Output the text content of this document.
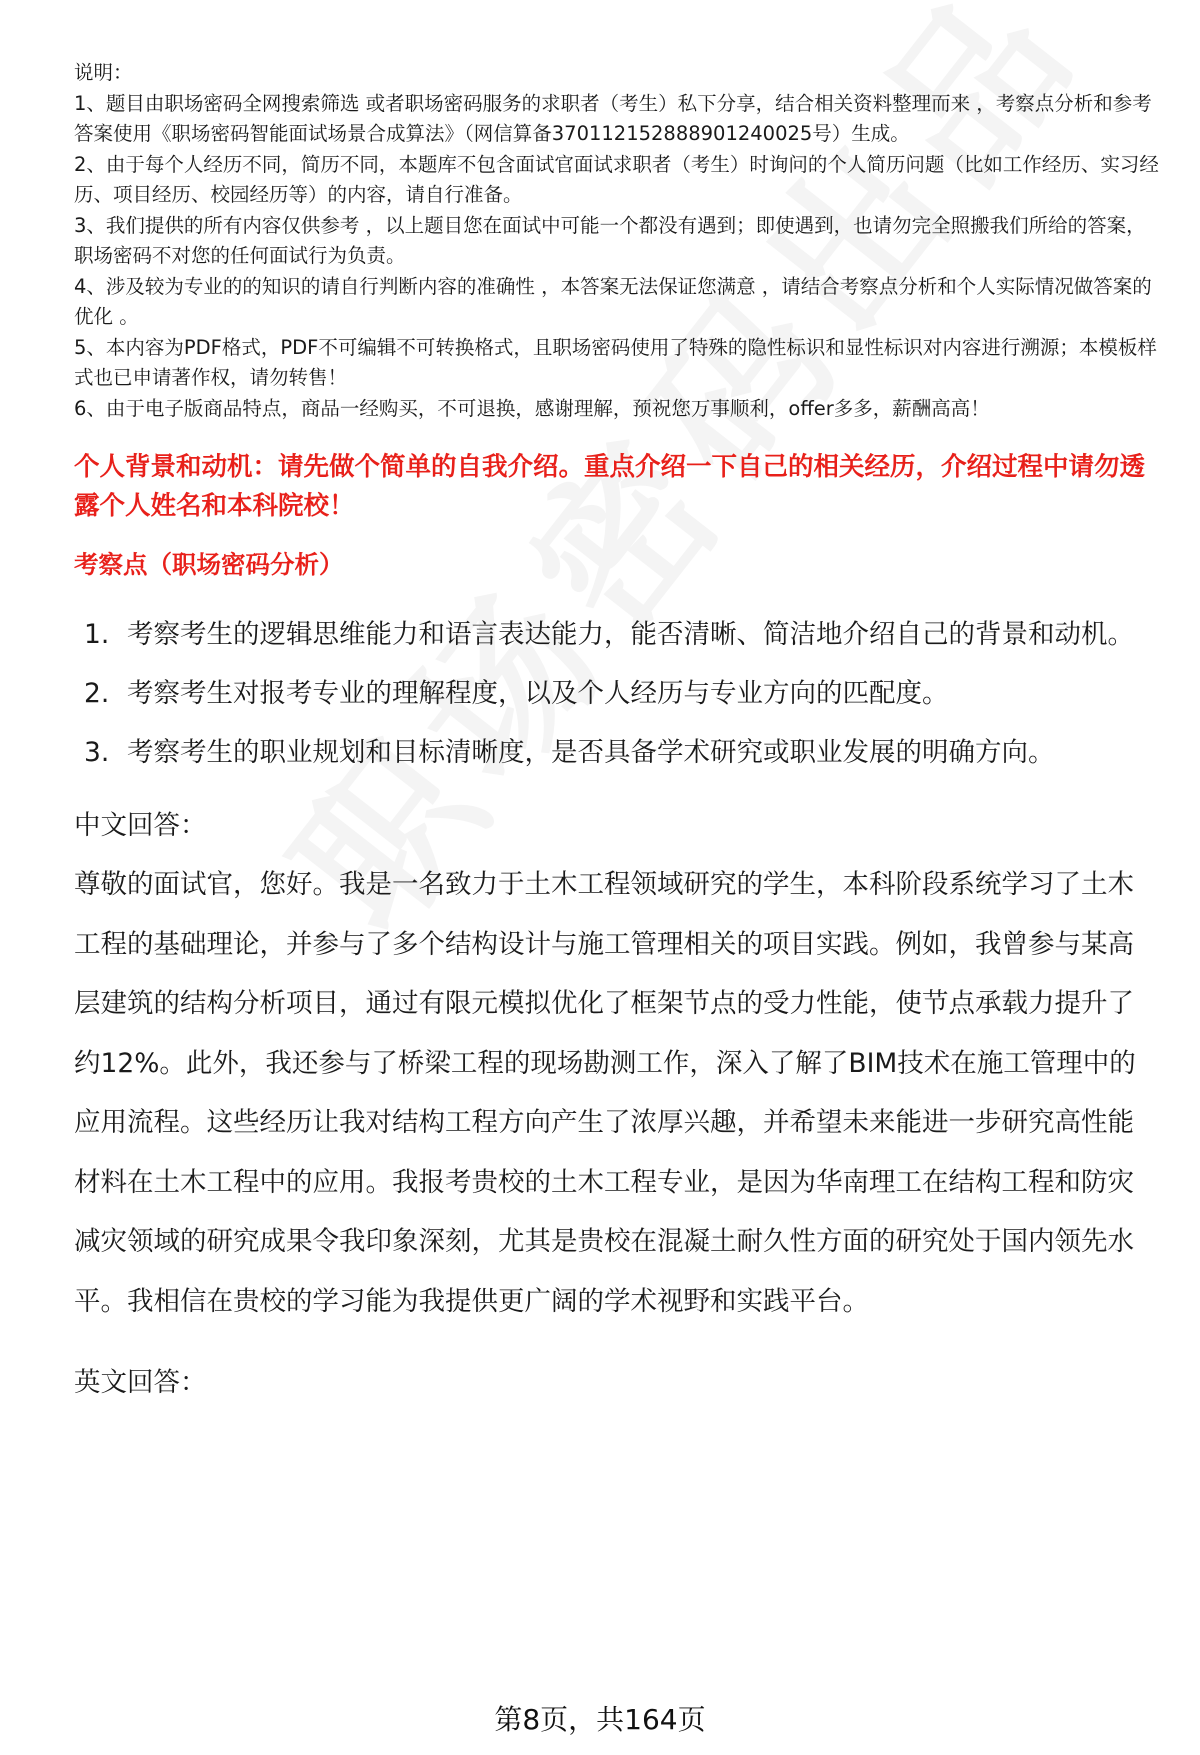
说明：

1、题目由职场密码全网搜索筛选 或者职场密码服务的求职者（考生）私下分享，结合相关资料整理而来 ，考察点分析和参考答案使用《职场密码智能面试场景合成算法》（网信算备370112152888901240025号）生成。

2、由于每个人经历不同，简历不同，本题库不包含面试官面试求职者（考生）时询问的个人简历问题（比如工作经历、实习经历、项目经历、校园经历等）的内容，请自行准备。

3、我们提供的所有内容仅供参考 ，以上题目您在面试中可能一个都没有遇到；即使遇到，也请勿完全照搬我们所给的答案，职场密码不对您的任何面试行为负责。

4、涉及较为专业的的知识的请自行判断内容的准确性 ，本答案无法保证您满意 ，请结合考察点分析和个人实际情况做答案的优化 。

5、本内容为PDF格式，PDF不可编辑不可转换格式，且职场密码使用了特殊的隐性标识和显性标识对内容进行溯源；本模板样式也已申请著作权，请勿转售！

6、由于电子版商品特点，商品一经购买，不可退换，感谢理解，预祝您万事顺利，offer多多，薪酬高高！

个人背景和动机：请先做个简单的自我介绍。重点介绍一下自己的相关经历，介绍过程中请勿透露个人姓名和本科院校！
考察点（职场密码分析）
1. 考察考生的逻辑思维能力和语言表达能力，能否清晰、简洁地介绍自己的背景和动机。
2. 考察考生对报考专业的理解程度，以及个人经历与专业方向的匹配度。
3. 考察考生的职业规划和目标清晰度，是否具备学术研究或职业发展的明确方向。
中文回答：

尊敬的面试官，您好。我是一名致力于土木工程领域研究的学生，本科阶段系统学习了土木工程的基础理论，并参与了多个结构设计与施工管理相关的项目实践。例如，我曾参与某高层建筑的结构分析项目，通过有限元模拟优化了框架节点的受力性能，使节点承载力提升了约12%。此外，我还参与了桥梁工程的现场勘测工作，深入了解了BIM技术在施工管理中的应用流程。这些经历让我对结构工程方向产生了浓厚兴趣，并希望未来能进一步研究高性能材料在土木工程中的应用。我报考贵校的土木工程专业，是因为华南理工在结构工程和防灾减灾领域的研究成果令我印象深刻，尤其是贵校在混凝土耐久性方面的研究处于国内领先水平。我相信在贵校的学习能为我提供更广阔的学术视野和实践平台。

英文回答：
第8页，共164页
